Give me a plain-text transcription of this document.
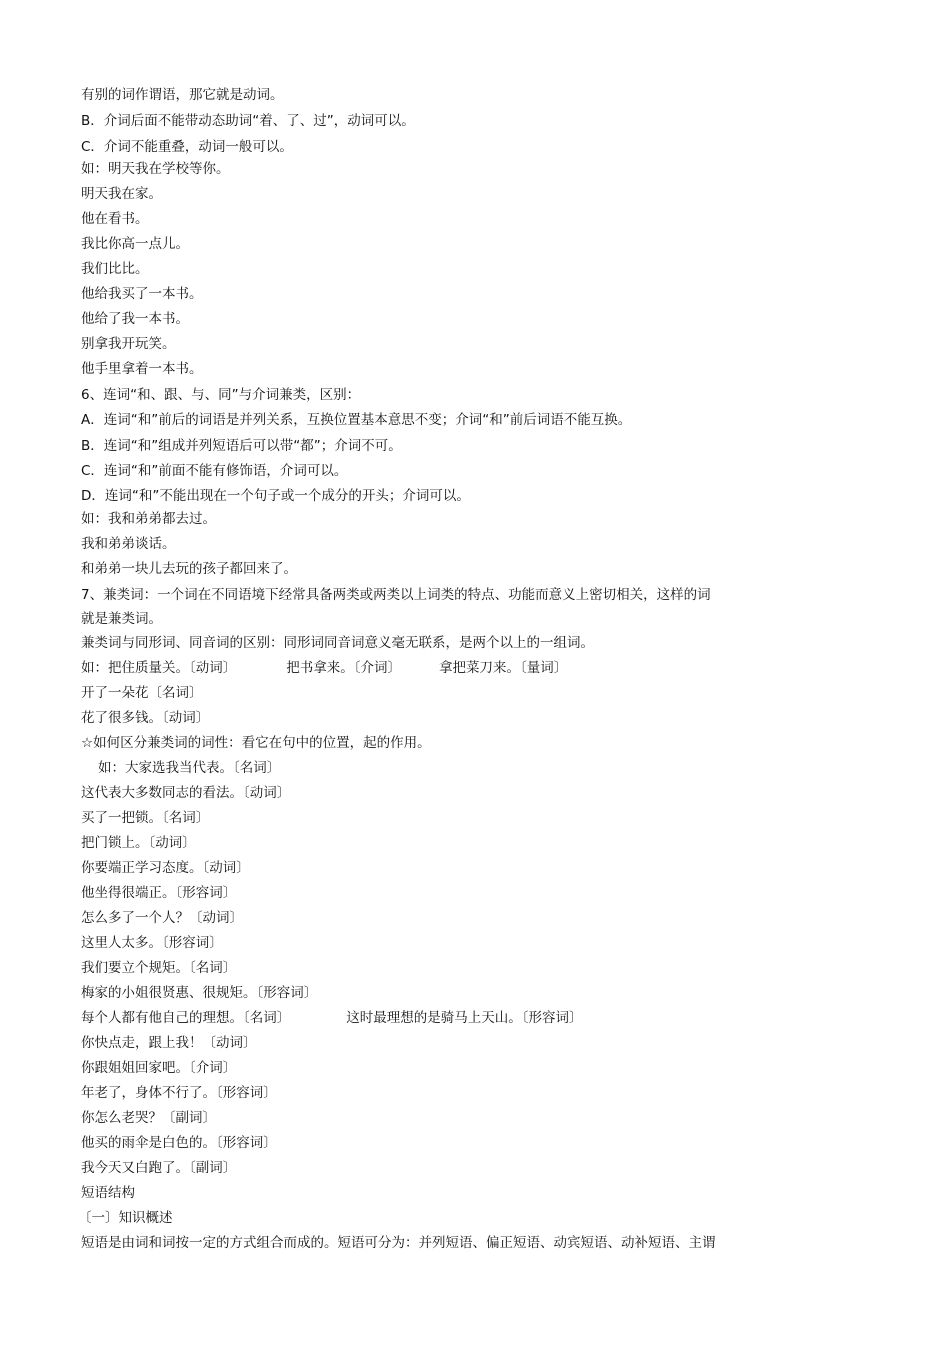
有别的词作谓语，那它就是动词。
B．介词后面不能带动态助词“着、了、过”，动词可以。
C．介词不能重叠，动词一般可以。
如：明天我在学校等你。
明天我在家。
他在看书。
我比你高一点儿。
我们比比。
他给我买了一本书。
他给了我一本书。
别拿我开玩笑。
他手里拿着一本书。
6、连词“和、跟、与、同”与介词兼类，区别：
A．连词“和”前后的词语是并列关系，互换位置基本意思不变；介词“和”前后词语不能互换。
B．连词“和”组成并列短语后可以带“都”；介词不可。
C．连词“和”前面不能有修饰语，介词可以。
D．连词“和”不能出现在一个句子或一个成分的开头；介词可以。
如：我和弟弟都去过。
我和弟弟谈话。
和弟弟一块儿去玩的孩子都回来了。
7、兼类词：一个词在不同语境下经常具备两类或两类以上词类的特点、功能而意义上密切相关，这样的词
就是兼类词。
兼类词与同形词、同音词的区别：同形词同音词意义毫无联系，是两个以上的一组词。
如：把住质量关。〔动词〕	把书拿来。〔介词〕	拿把菜刀来。〔量词〕
开了一朵花〔名词〕
花了很多钱。〔动词〕
☆如何区分兼类词的词性：看它在句中的位置，起的作用。
如：大家选我当代表。〔名词〕
这代表大多数同志的看法。〔动词〕
买了一把锁。〔名词〕
把门锁上。〔动词〕
你要端正学习态度。〔动词〕
他坐得很端正。〔形容词〕
怎么多了一个人？〔动词〕
这里人太多。〔形容词〕
我们要立个规矩。〔名词〕
梅家的小姐很贤惠、很规矩。〔形容词〕
每个人都有他自己的理想。〔名词〕	这时最理想的是骑马上天山。〔形容词〕
你快点走，跟上我！〔动词〕
你跟姐姐回家吧。〔介词〕
年老了，身体不行了。〔形容词〕
你怎么老哭？〔副词〕
他买的雨伞是白色的。〔形容词〕
我今天又白跑了。〔副词〕
短语结构
〔一〕知识概述
短语是由词和词按一定的方式组合而成的。短语可分为：并列短语、偏正短语、动宾短语、动补短语、主谓
